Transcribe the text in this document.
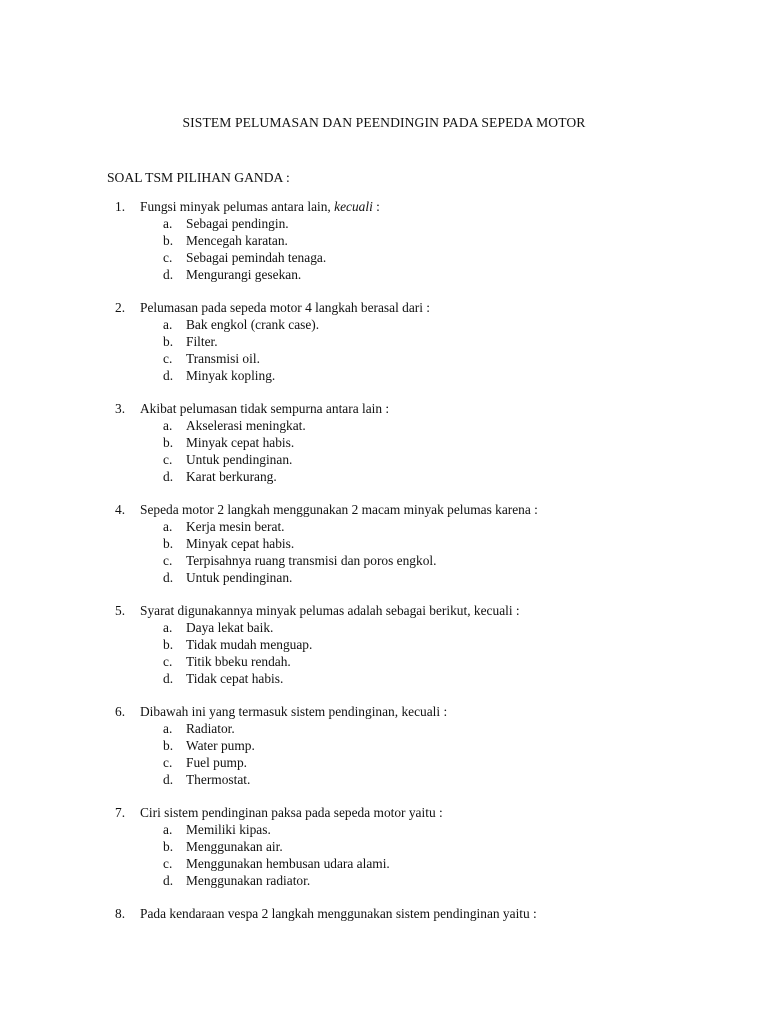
SISTEM PELUMASAN DAN PEENDINGIN PADA SEPEDA MOTOR
SOAL TSM PILIHAN GANDA :
1. Fungsi minyak pelumas antara lain, kecuali :
a. Sebagai pendingin.
b. Mencegah karatan.
c. Sebagai pemindah tenaga.
d. Mengurangi gesekan.
2. Pelumasan pada sepeda motor 4 langkah berasal dari :
a. Bak engkol (crank case).
b. Filter.
c. Transmisi oil.
d. Minyak kopling.
3. Akibat pelumasan tidak sempurna antara lain :
a. Akselerasi meningkat.
b. Minyak cepat habis.
c. Untuk pendinginan.
d. Karat berkurang.
4. Sepeda motor 2 langkah menggunakan 2 macam minyak pelumas karena :
a. Kerja mesin berat.
b. Minyak cepat habis.
c. Terpisahnya ruang transmisi dan poros engkol.
d. Untuk pendinginan.
5. Syarat digunakannya minyak pelumas adalah sebagai berikut, kecuali :
a. Daya lekat baik.
b. Tidak mudah menguap.
c. Titik bbeku rendah.
d. Tidak cepat habis.
6. Dibawah ini yang termasuk sistem pendinginan, kecuali :
a. Radiator.
b. Water pump.
c. Fuel pump.
d. Thermostat.
7. Ciri sistem pendinginan paksa pada sepeda motor yaitu :
a. Memiliki kipas.
b. Menggunakan air.
c. Menggunakan hembusan udara alami.
d. Menggunakan radiator.
8. Pada kendaraan vespa 2 langkah menggunakan sistem pendinginan yaitu :
